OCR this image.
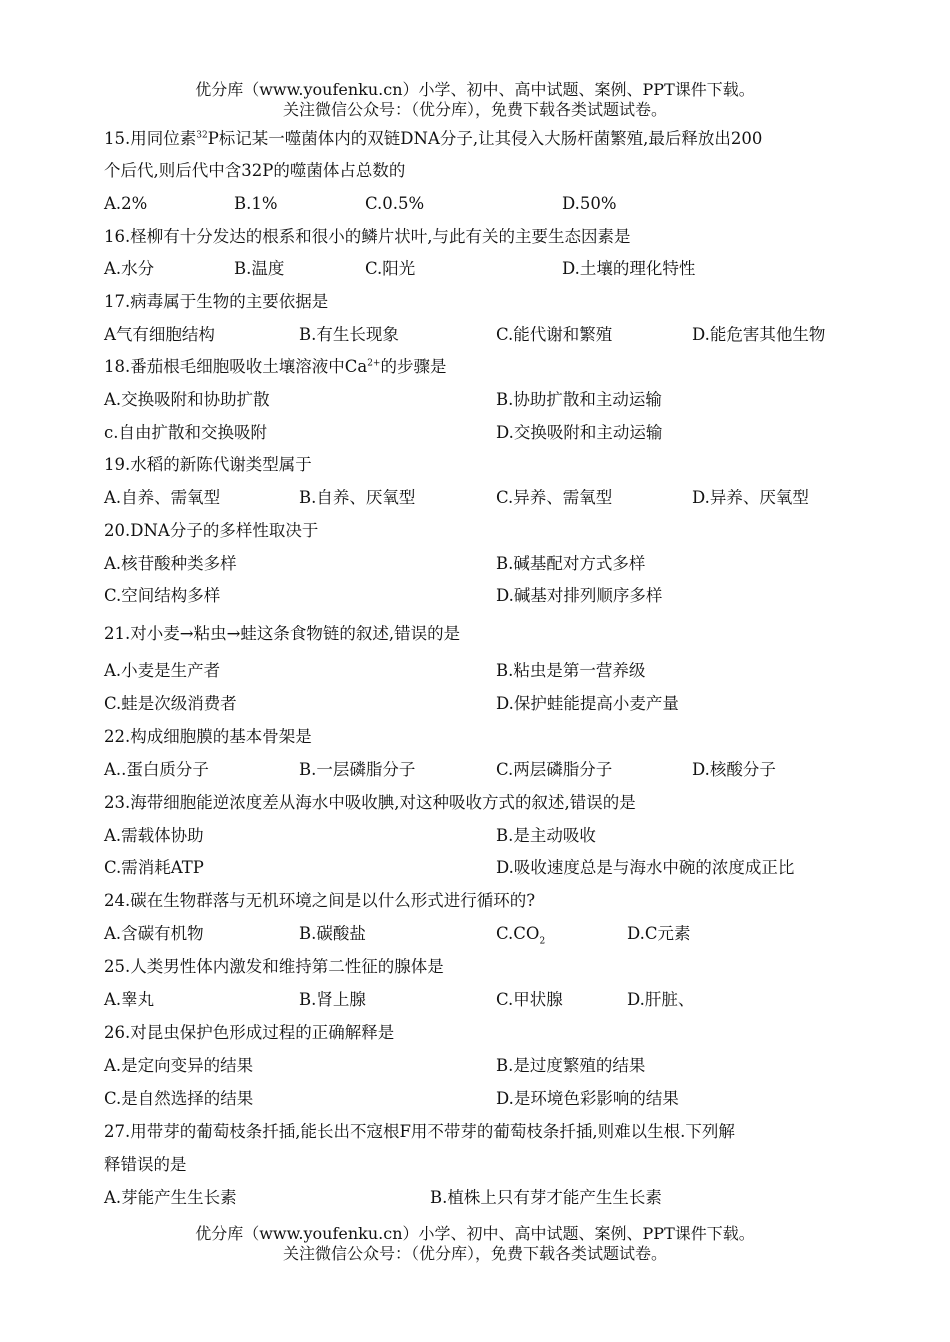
优分库（www.youfenku.cn）小学、初中、高中试题、案例、PPT课件下载。
关注微信公众号：（优分库），免费下载各类试题试卷。
15.用同位素$^{32}$P标记某一噬菌体内的双链DNA分子,让其侵入大肠杆菌繁殖,最后释放出200
个后代,则后代中含32P的噬菌体占总数的
A.2%	B.1%	C.0.5%	D.50%
16.柽柳有十分发达的根系和很小的鳞片状叶,与此有关的主要生态因素是
A.水分	B.温度	C.阳光	D.土壤的理化特性
17.病毒属于生物的主要依据是
A气有细胞结构	B.有生长现象	C.能代谢和繁殖	D.能危害其他生物
18.番茄根毛细胞吸收土壤溶液中$Ca^{2+}$的步骤是
A.交换吸附和协助扩散	B.协助扩散和主动运输
c.自由扩散和交换吸附	D.交换吸附和主动运输
19.水稻的新陈代谢类型属于
A.自养、需氧型	B.自养、厌氧型	C.异养、需氧型	D.异养、厌氧型
20.DNA分子的多样性取决于
A.核苷酸种类多样	B.碱基配对方式多样
C.空间结构多样	D.碱基对排列顺序多样
21.对小麦→粘虫→蛙这条食物链的叙述,错误的是
A.小麦是生产者	B.粘虫是第一营养级
C.蛙是次级消费者	D.保护蛙能提高小麦产量
22.构成细胞膜的基本骨架是
A..蛋白质分子	B.一层磷脂分子	C.两层磷脂分子	D.核酸分子
23.海带细胞能逆浓度差从海水中吸收腆,对这种吸收方式的叙述,错误的是
A.需载体协助	B.是主动吸收
C.需消耗ATP	D.吸收速度总是与海水中碗的浓度成正比
24.碳在生物群落与无机环境之间是以什么形式进行循环的?
A.含碳有机物	B.碳酸盐	$C.CO_2$	D.C元素
25.人类男性体内激发和维持第二性征的腺体是
A.睾丸	B.肾上腺	C.甲状腺	D.肝脏、
26.对昆虫保护色形成过程的正确解释是
A.是定向变异的结果	B.是过度繁殖的结果
C.是自然选择的结果	D.是环境色彩影响的结果
27.用带芽的葡萄枝条扦插,能长出不寇根F用不带芽的葡萄枝条扦插,则难以生根.下列解
释错误的是
A.芽能产生生长素	B.植株上只有芽才能产生生长素
优分库（www.youfenku.cn）小学、初中、高中试题、案例、PPT课件下载。
关注微信公众号：（优分库），免费下载各类试题试卷。
